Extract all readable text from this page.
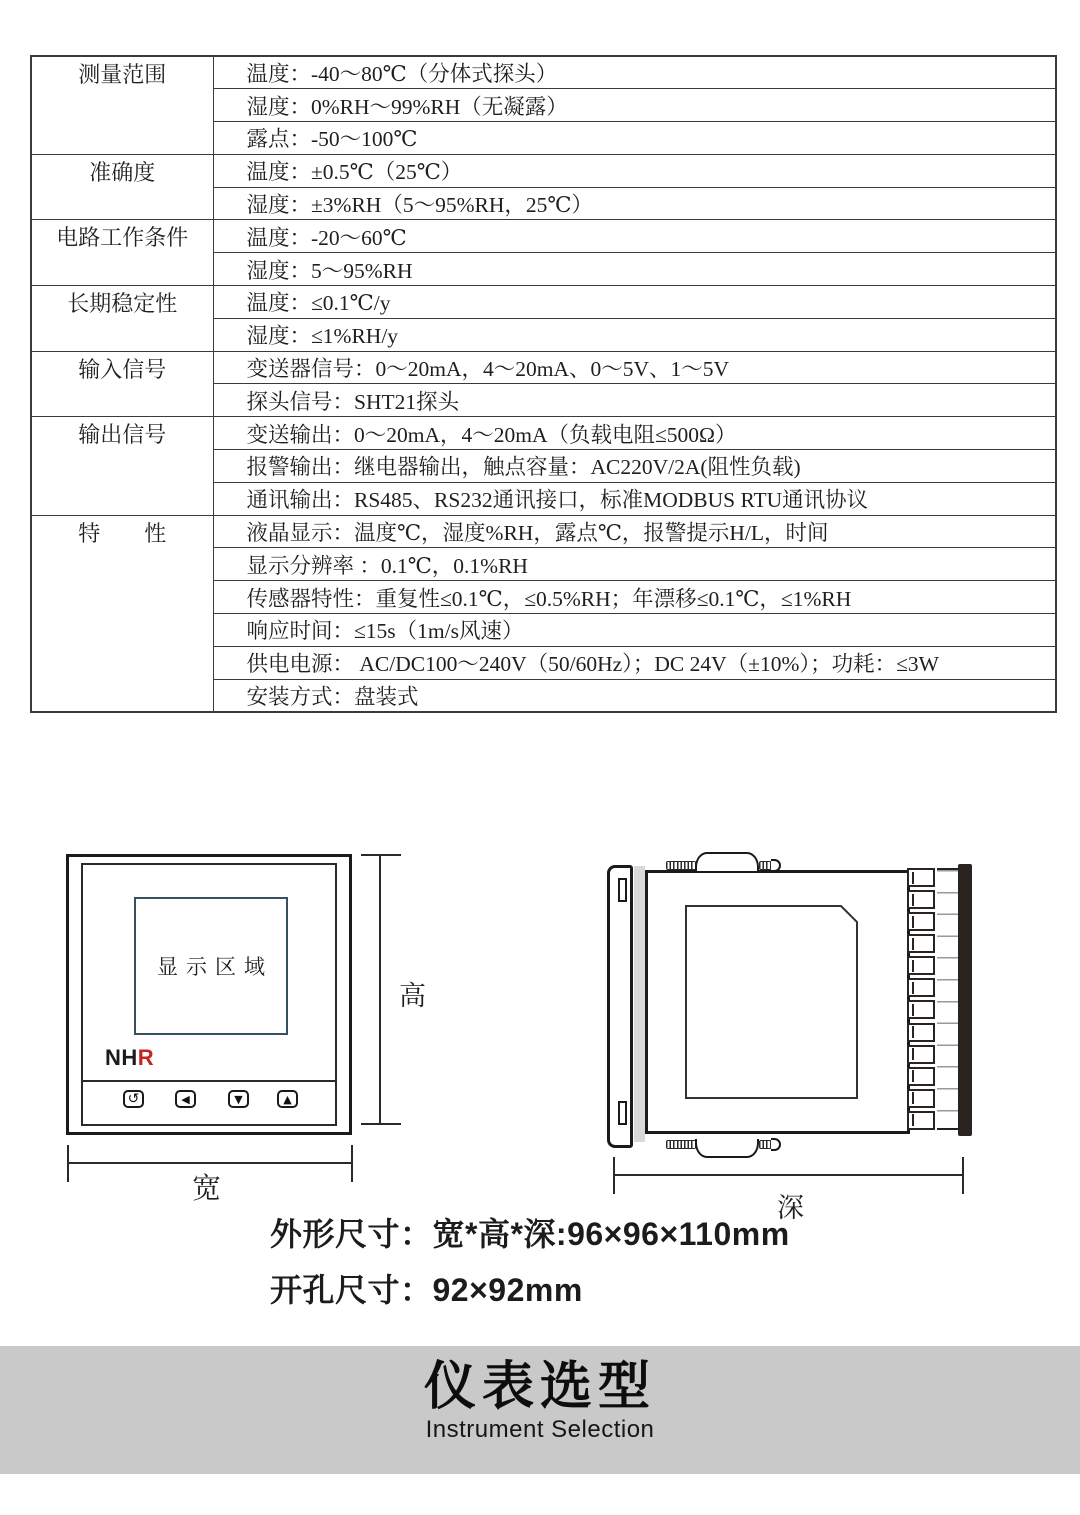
测量范围	温度：-40～80℃（分体式探头）
	湿度：0%RH～99%RH（无凝露）
	露点：-50～100℃
准确度	温度：±0.5℃（25℃）
	湿度：±3%RH（5～95%RH，25℃）
电路工作条件	温度：-20～60℃
	湿度：5～95%RH
长期稳定性	温度：≤0.1℃/y
	湿度：≤1%RH/y
输入信号	变送器信号：0～20mA，4～20mA、0～5V、1～5V
	探头信号：SHT21探头
输出信号	变送输出：0～20mA，4～20mA（负载电阻≤500Ω）
	报警输出：继电器输出，触点容量：AC220V/2A(阻性负载)
	通讯输出：RS485、RS232通讯接口，标准MODBUS RTU通讯协议
特　　性	液晶显示：温度℃，湿度%RH，露点℃，报警提示H/L，时间
	显示分辨率 ：0.1℃，0.1%RH
	传感器特性：重复性≤0.1℃，≤0.5%RH；年漂移≤0.1℃，≤1%RH
	响应时间：≤15s（1m/s风速）
	供电电源： AC/DC100～240V（50/60Hz）；DC 24V（±10%）；功耗：≤3W
	安装方式：盘装式
显示区域
NHR
↺	◀	▼	▲
高
宽
深
外形尺寸：宽*高*深:96×96×110mm
开孔尺寸：92×92mm
仪表选型
Instrument Selection
